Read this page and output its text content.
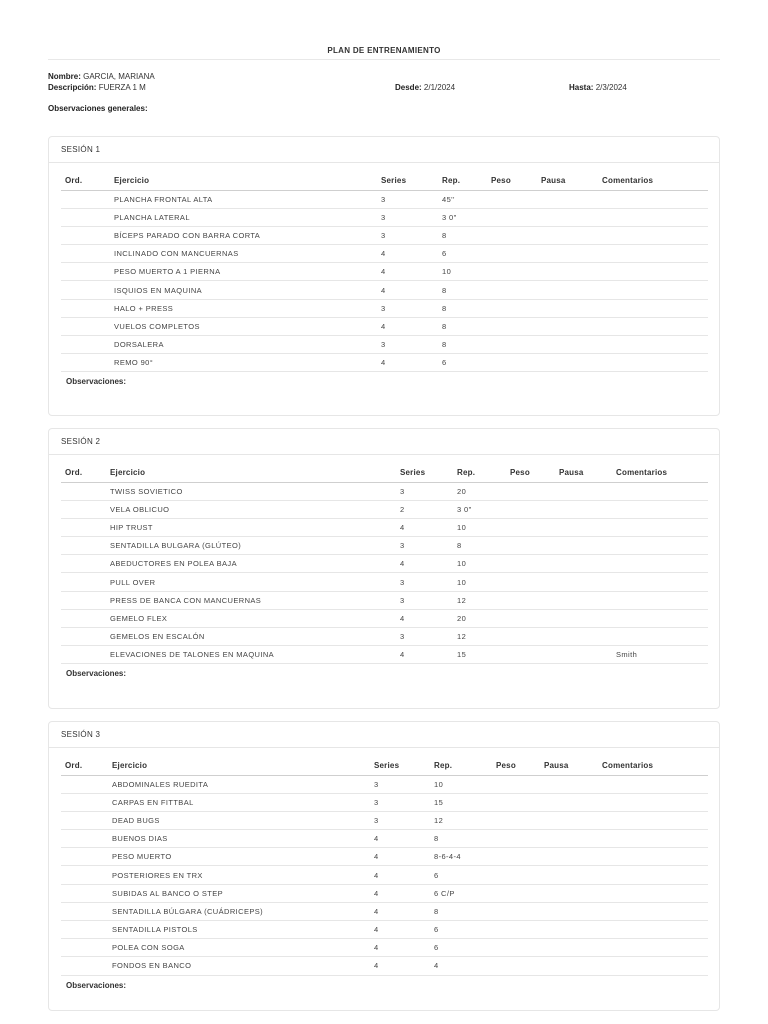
PLAN DE ENTRENAMIENTO
Nombre: GARCIA, MARIANA
Descripción: FUERZA 1 M	Desde: 2/1/2024	Hasta: 2/3/2024
Observaciones generales:
SESIÓN 1
Ord.	Ejercicio	Series	Rep.	Peso	Pausa	Comentarios
	PLANCHA FRONTAL ALTA	3	45''			
	PLANCHA LATERAL	3	3 0"			
	BÍCEPS PARADO CON BARRA CORTA	3	8			
	INCLINADO CON MANCUERNAS	4	6			
	PESO MUERTO A 1 PIERNA	4	10			
	ISQUIOS EN MAQUINA	4	8			
	HALO + PRESS	3	8			
	VUELOS COMPLETOS	4	8			
	DORSALERA	3	8			
	REMO 90°	4	6			
Observaciones:
SESIÓN 2
Ord.	Ejercicio	Series	Rep.	Peso	Pausa	Comentarios
	TWISS SOVIETICO	3	20			
	VELA OBLICUO	2	3 0"			
	HIP TRUST	4	10			
	SENTADILLA BULGARA (GLÚTEO)	3	8			
	ABEDUCTORES EN POLEA BAJA	4	10			
	PULL OVER	3	10			
	PRESS DE BANCA CON MANCUERNAS	3	12			
	GEMELO FLEX	4	20			
	GEMELOS EN ESCALÓN	3	12			
	ELEVACIONES DE TALONES EN MAQUINA	4	15			Smith
Observaciones:
SESIÓN 3
Ord.	Ejercicio	Series	Rep.	Peso	Pausa	Comentarios
	ABDOMINALES RUEDITA	3	10			
	CARPAS EN FITTBAL	3	15			
	DEAD BUGS	3	12			
	BUENOS DIAS	4	8			
	PESO MUERTO	4	8-6-4-4			
	POSTERIORES EN TRX	4	6			
	SUBIDAS AL BANCO O STEP	4	6 C/P			
	SENTADILLA BÚLGARA (CUÁDRICEPS)	4	8			
	SENTADILLA PISTOLS	4	6			
	POLEA CON SOGA	4	6			
	FONDOS EN BANCO	4	4			
Observaciones:
